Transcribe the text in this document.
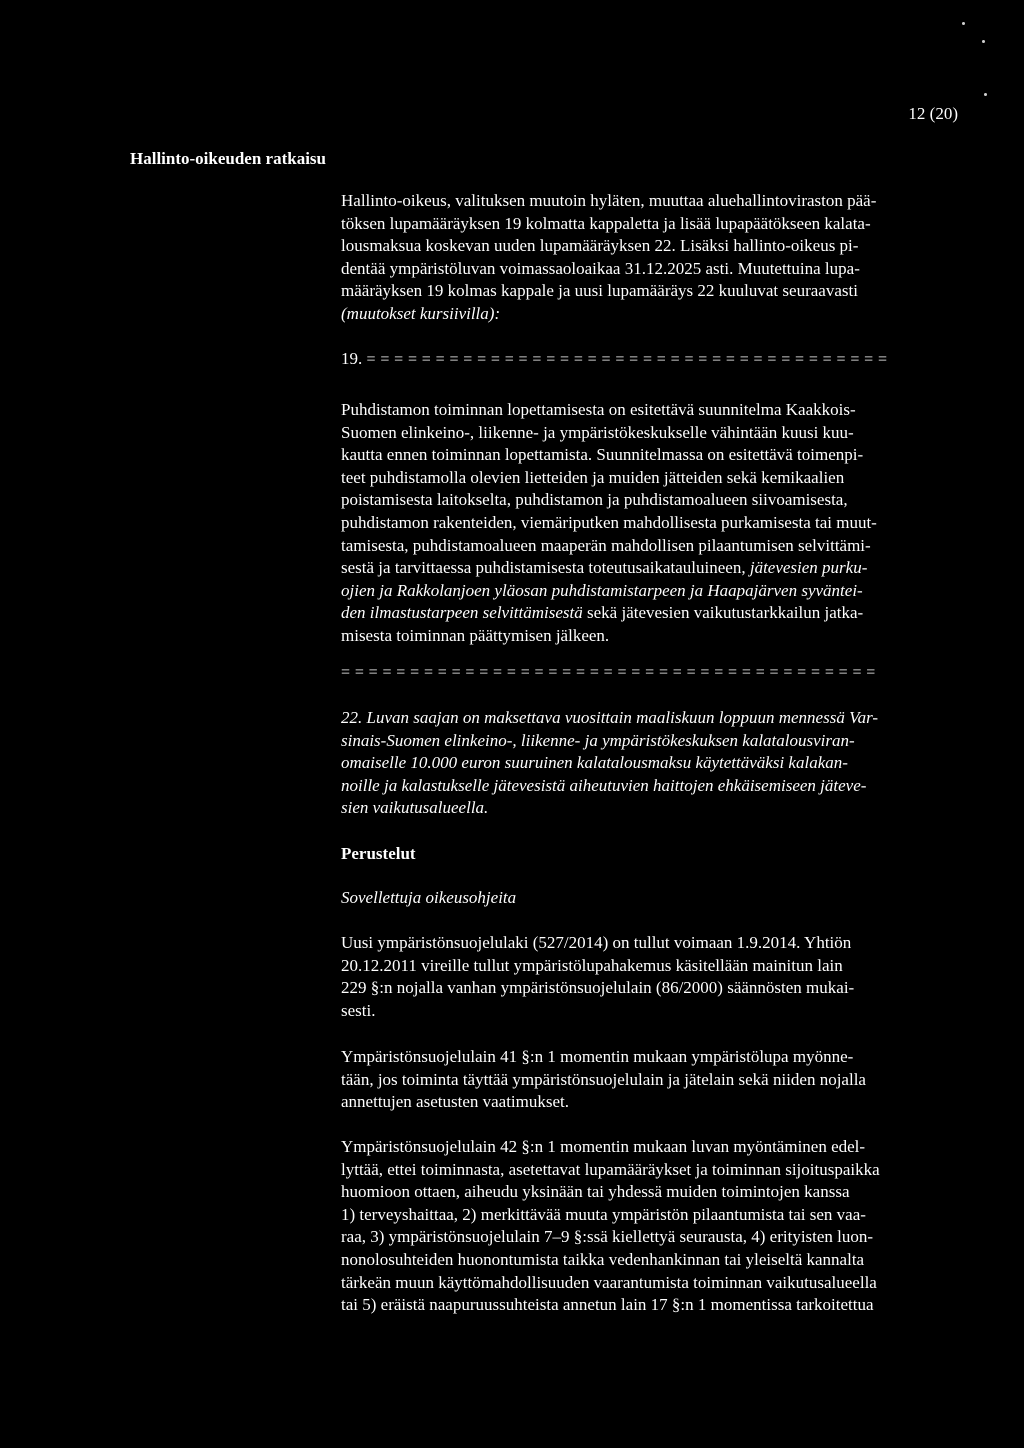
12 (20)
Hallinto-oikeuden ratkaisu
Hallinto-oikeus, valituksen muutoin hyläten, muuttaa aluehallintoviraston pää-
töksen lupamääräyksen 19 kolmatta kappaletta ja lisää lupapäätökseen kalata-
lousmaksua koskevan uuden lupamääräyksen 22. Lisäksi hallinto-oikeus pi-
dentää ympäristöluvan voimassaoloaikaa 31.12.2025 asti. Muutettuina lupa-
määräyksen 19 kolmas kappale ja uusi lupamääräys 22 kuuluvat seuraavasti
(muutokset kursiivilla):
19. = = = = = = = = = = = = = = = = = = = = = = = = = = = = = = = = = = = = = =
Puhdistamon toiminnan lopettamisesta on esitettävä suunnitelma Kaakkois-
Suomen elinkeino-, liikenne- ja ympäristökeskukselle vähintään kuusi kuu-
kautta ennen toiminnan lopettamista. Suunnitelmassa on esitettävä toimenpi-
teet puhdistamolla olevien lietteiden ja muiden jätteiden sekä kemikaalien
poistamisesta laitokselta, puhdistamon ja puhdistamoalueen siivoamisesta,
puhdistamon rakenteiden, viemäriputken mahdollisesta purkamisesta tai muut-
tamisesta, puhdistamoalueen maaperän mahdollisen pilaantumisen selvittämi-
sestä ja tarvittaessa puhdistamisesta toteutusaikatauluineen, jätevesien purku-
ojien ja Rakkolanjoen yläosan puhdistamistarpeen ja Haapajärven syväntei-
den ilmastustarpeen selvittämisestä sekä jätevesien vaikutustarkkailun jatka-
misesta toiminnan päättymisen jälkeen.
= = = = = = = = = = = = = = = = = = = = = = = = = = = = = = = = = = = = = = =
22. Luvan saajan on maksettava vuosittain maaliskuun loppuun mennessä Var-
sinais-Suomen elinkeino-, liikenne- ja ympäristökeskuksen kalatalousviran-
omaiselle 10.000 euron suuruinen kalatalousmaksu käytettäväksi kalakan-
noille ja kalastukselle jätevesistä aiheutuvien haittojen ehkäisemiseen jäteve-
sien vaikutusalueella.
Perustelut
Sovellettuja oikeusohjeita
Uusi ympäristönsuojelulaki (527/2014) on tullut voimaan 1.9.2014. Yhtiön
20.12.2011 vireille tullut ympäristölupahakemus käsitellään mainitun lain
229 §:n nojalla vanhan ympäristönsuojelulain (86/2000) säännösten mukai-
sesti.
Ympäristönsuojelulain 41 §:n 1 momentin mukaan ympäristölupa myönne-
tään, jos toiminta täyttää ympäristönsuojelulain ja jätelain sekä niiden nojalla
annettujen asetusten vaatimukset.
Ympäristönsuojelulain 42 §:n 1 momentin mukaan luvan myöntäminen edel-
lyttää, ettei toiminnasta, asetettavat lupamääräykset ja toiminnan sijoituspaikka
huomioon ottaen, aiheudu yksinään tai yhdessä muiden toimintojen kanssa
1) terveyshaittaa, 2) merkittävää muuta ympäristön pilaantumista tai sen vaa-
raa, 3) ympäristönsuojelulain 7–9 §:ssä kiellettyä seurausta, 4) erityisten luon-
nonolosuhteiden huonontumista taikka vedenhankinnan tai yleiseltä kannalta
tärkeän muun käyttömahdollisuuden vaarantumista toiminnan vaikutusalueella
tai 5) eräistä naapuruussuhteista annetun lain 17 §:n 1 momentissa tarkoitettua
